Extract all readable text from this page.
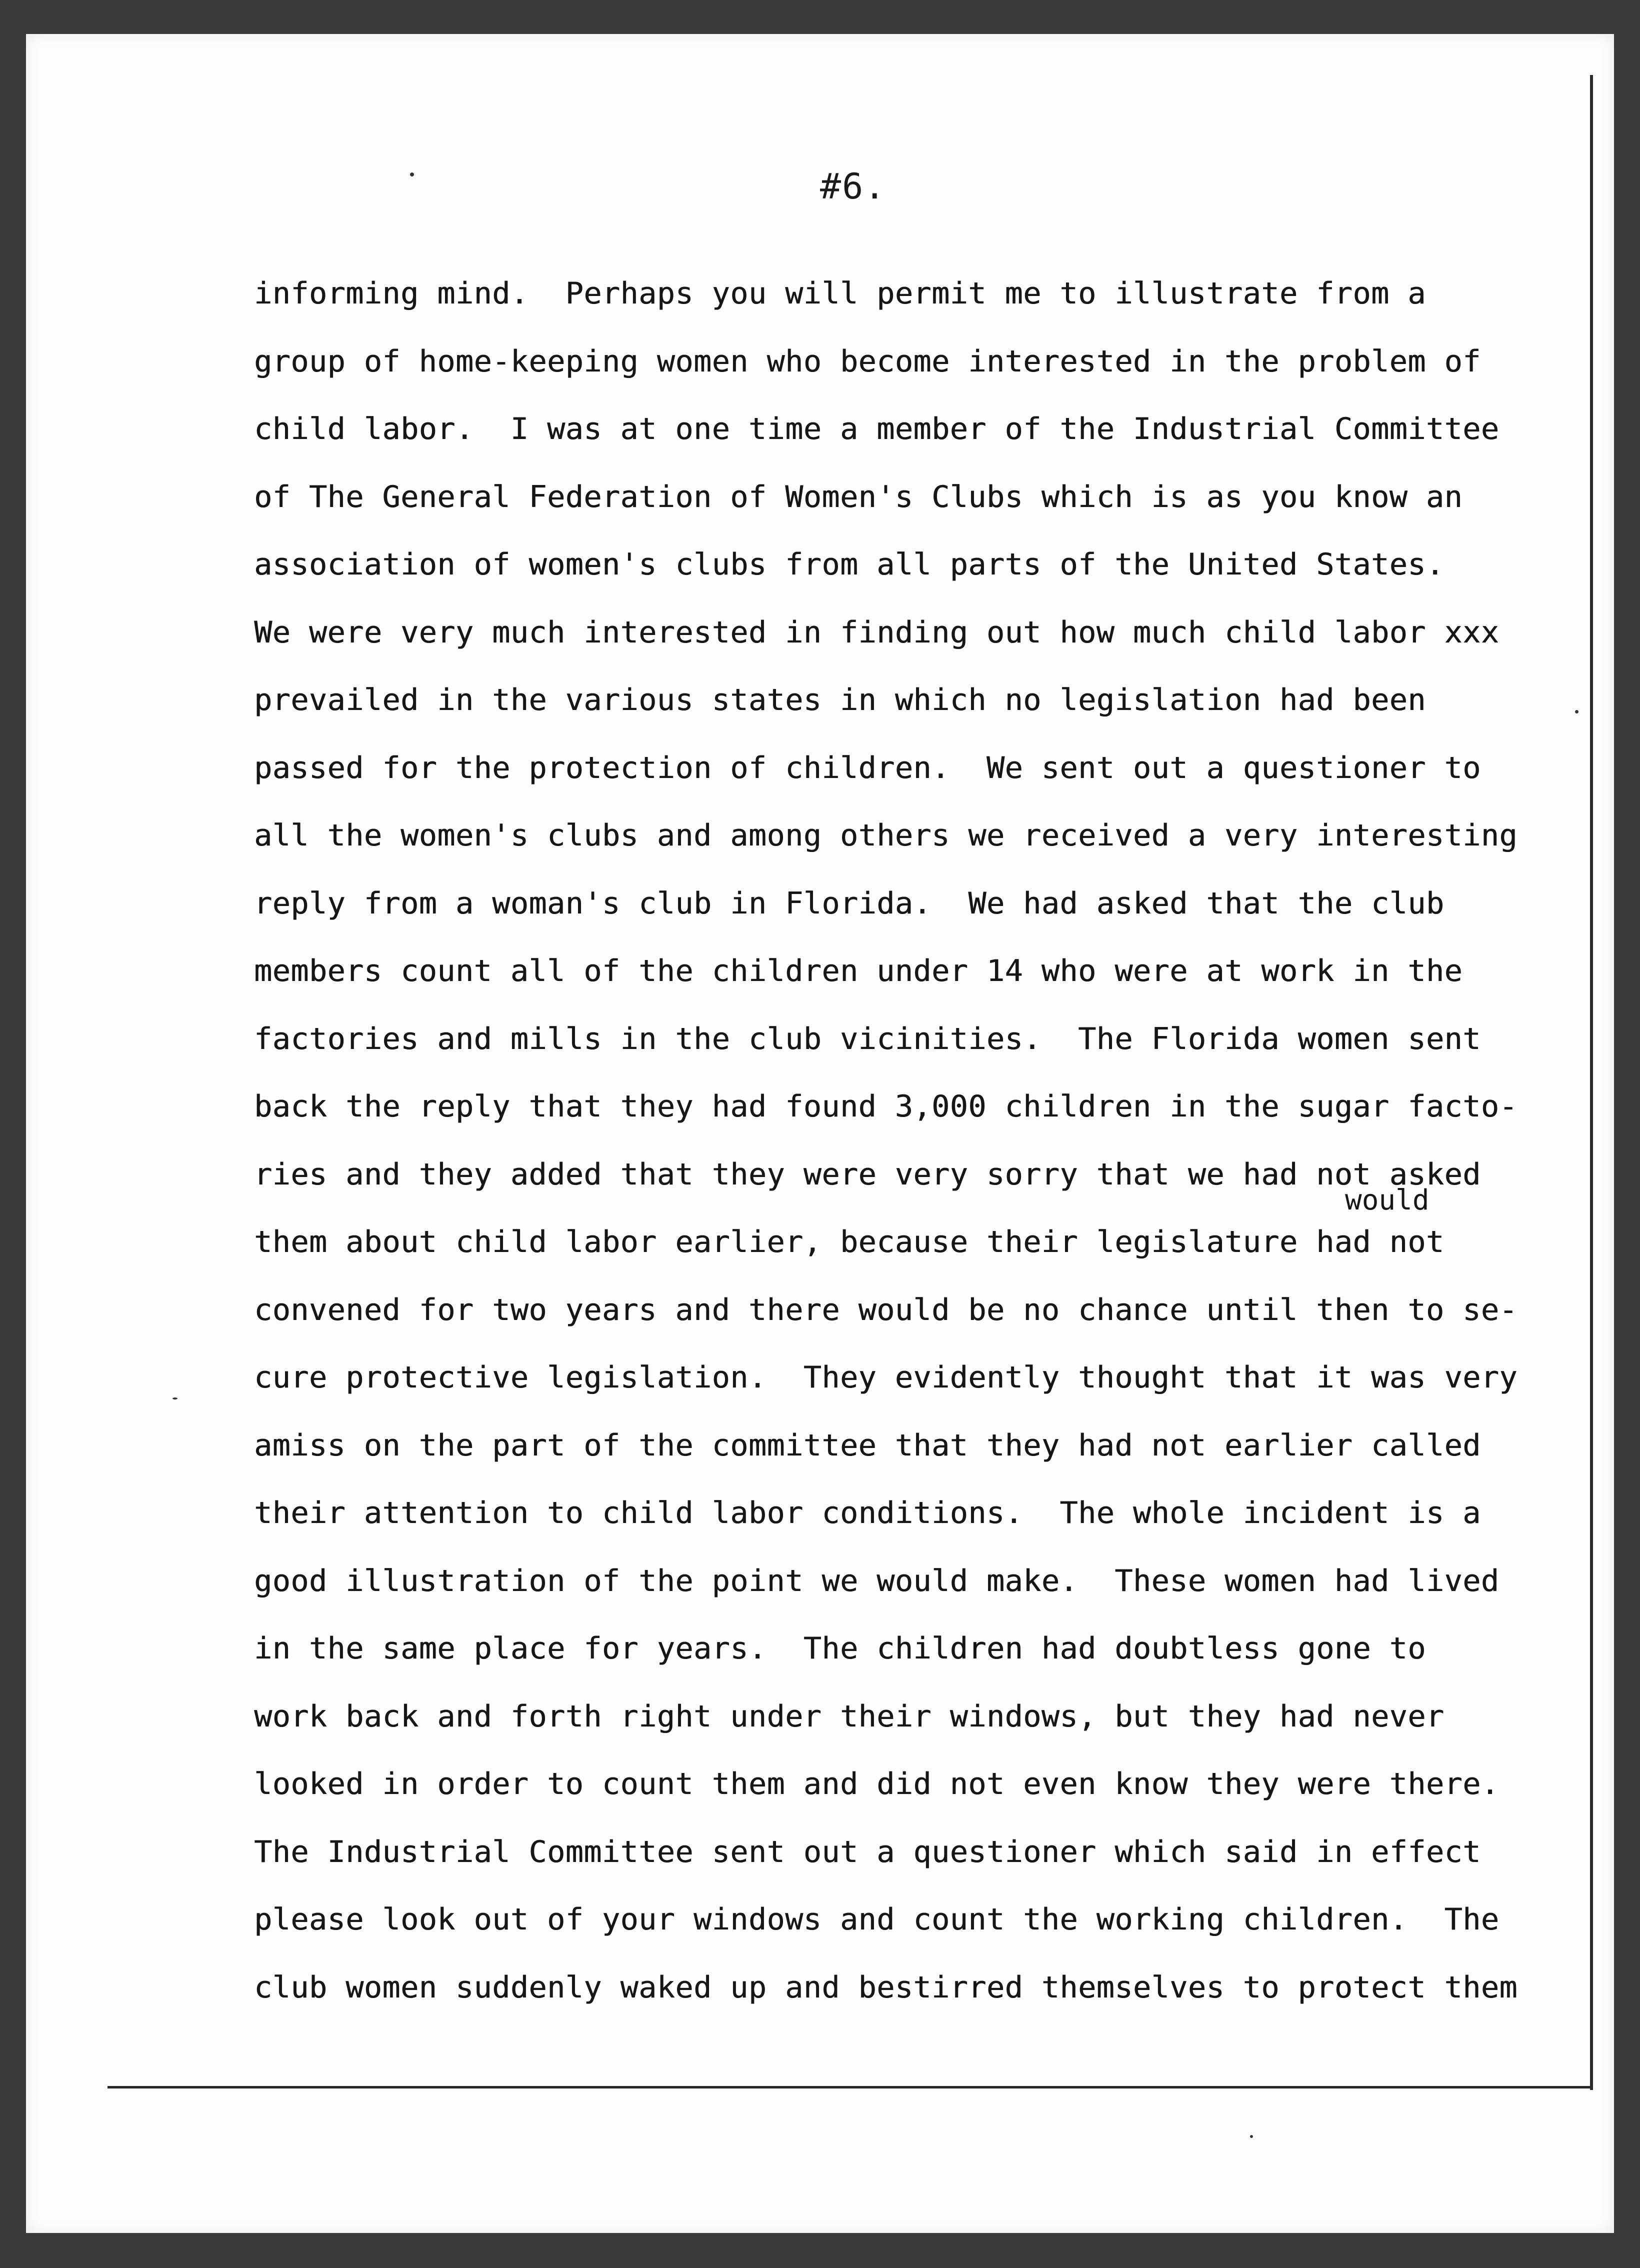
#6.
would
informing mind.  Perhaps you will permit me to illustrate from a
group of home-keeping women who become interested in the problem of
child labor.  I was at one time a member of the Industrial Committee
of The General Federation of Women's Clubs which is as you know an
association of women's clubs from all parts of the United States.
We were very much interested in finding out how much child labor xxx
prevailed in the various states in which no legislation had been
passed for the protection of children.  We sent out a questioner to
all the women's clubs and among others we received a very interesting
reply from a woman's club in Florida.  We had asked that the club
members count all of the children under 14 who were at work in the
factories and mills in the club vicinities.  The Florida women sent
back the reply that they had found 3,000 children in the sugar facto-
ries and they added that they were very sorry that we had not asked
them about child labor earlier, because their legislature had not
convened for two years and there would be no chance until then to se-
cure protective legislation.  They evidently thought that it was very
amiss on the part of the committee that they had not earlier called
their attention to child labor conditions.  The whole incident is a
good illustration of the point we would make.  These women had lived
in the same place for years.  The children had doubtless gone to
work back and forth right under their windows, but they had never
looked in order to count them and did not even know they were there.
The Industrial Committee sent out a questioner which said in effect
please look out of your windows and count the working children.  The
club women suddenly waked up and bestirred themselves to protect them
